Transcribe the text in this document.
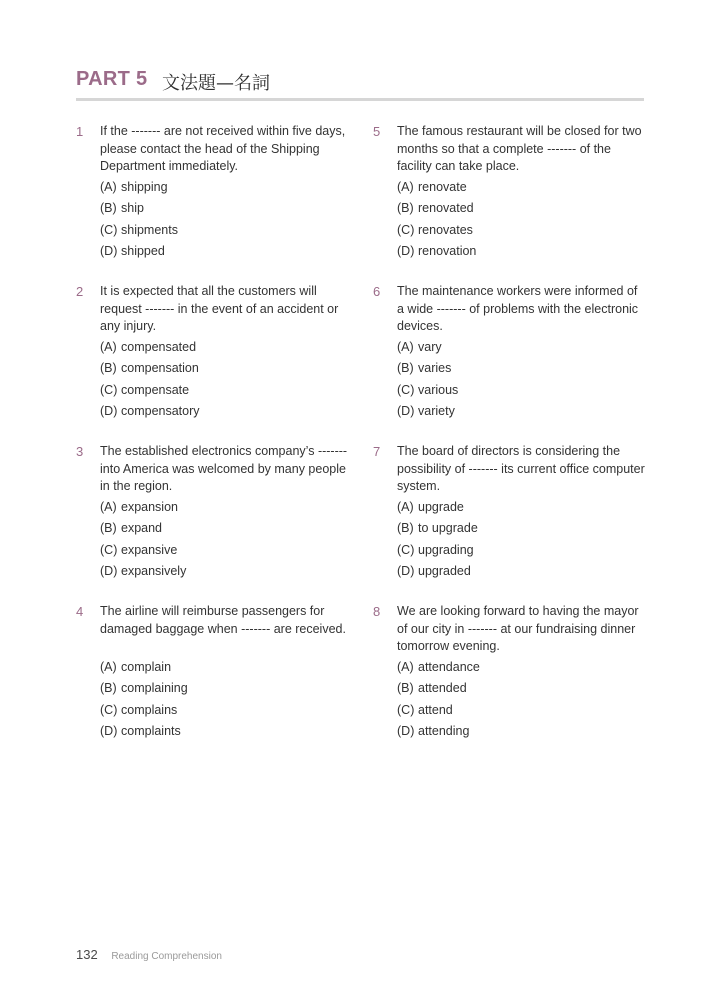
PART 5 文法題—名詞
1 If the ------- are not received within five days, please contact the head of the Shipping Department immediately.
(A) shipping
(B) ship
(C) shipments
(D) shipped
2 It is expected that all the customers will request ------- in the event of an accident or any injury.
(A) compensated
(B) compensation
(C) compensate
(D) compensatory
3 The established electronics company’s ------- into America was welcomed by many people in the region.
(A) expansion
(B) expand
(C) expansive
(D) expansively
4 The airline will reimburse passengers for damaged baggage when ------- are received.
(A) complain
(B) complaining
(C) complains
(D) complaints
5 The famous restaurant will be closed for two months so that a complete ------- of the facility can take place.
(A) renovate
(B) renovated
(C) renovates
(D) renovation
6 The maintenance workers were informed of a wide ------- of problems with the electronic devices.
(A) vary
(B) varies
(C) various
(D) variety
7 The board of directors is considering the possibility of ------- its current office computer system.
(A) upgrade
(B) to upgrade
(C) upgrading
(D) upgraded
8 We are looking forward to having the mayor of our city in ------- at our fundraising dinner tomorrow evening.
(A) attendance
(B) attended
(C) attend
(D) attending
132 Reading Comprehension
